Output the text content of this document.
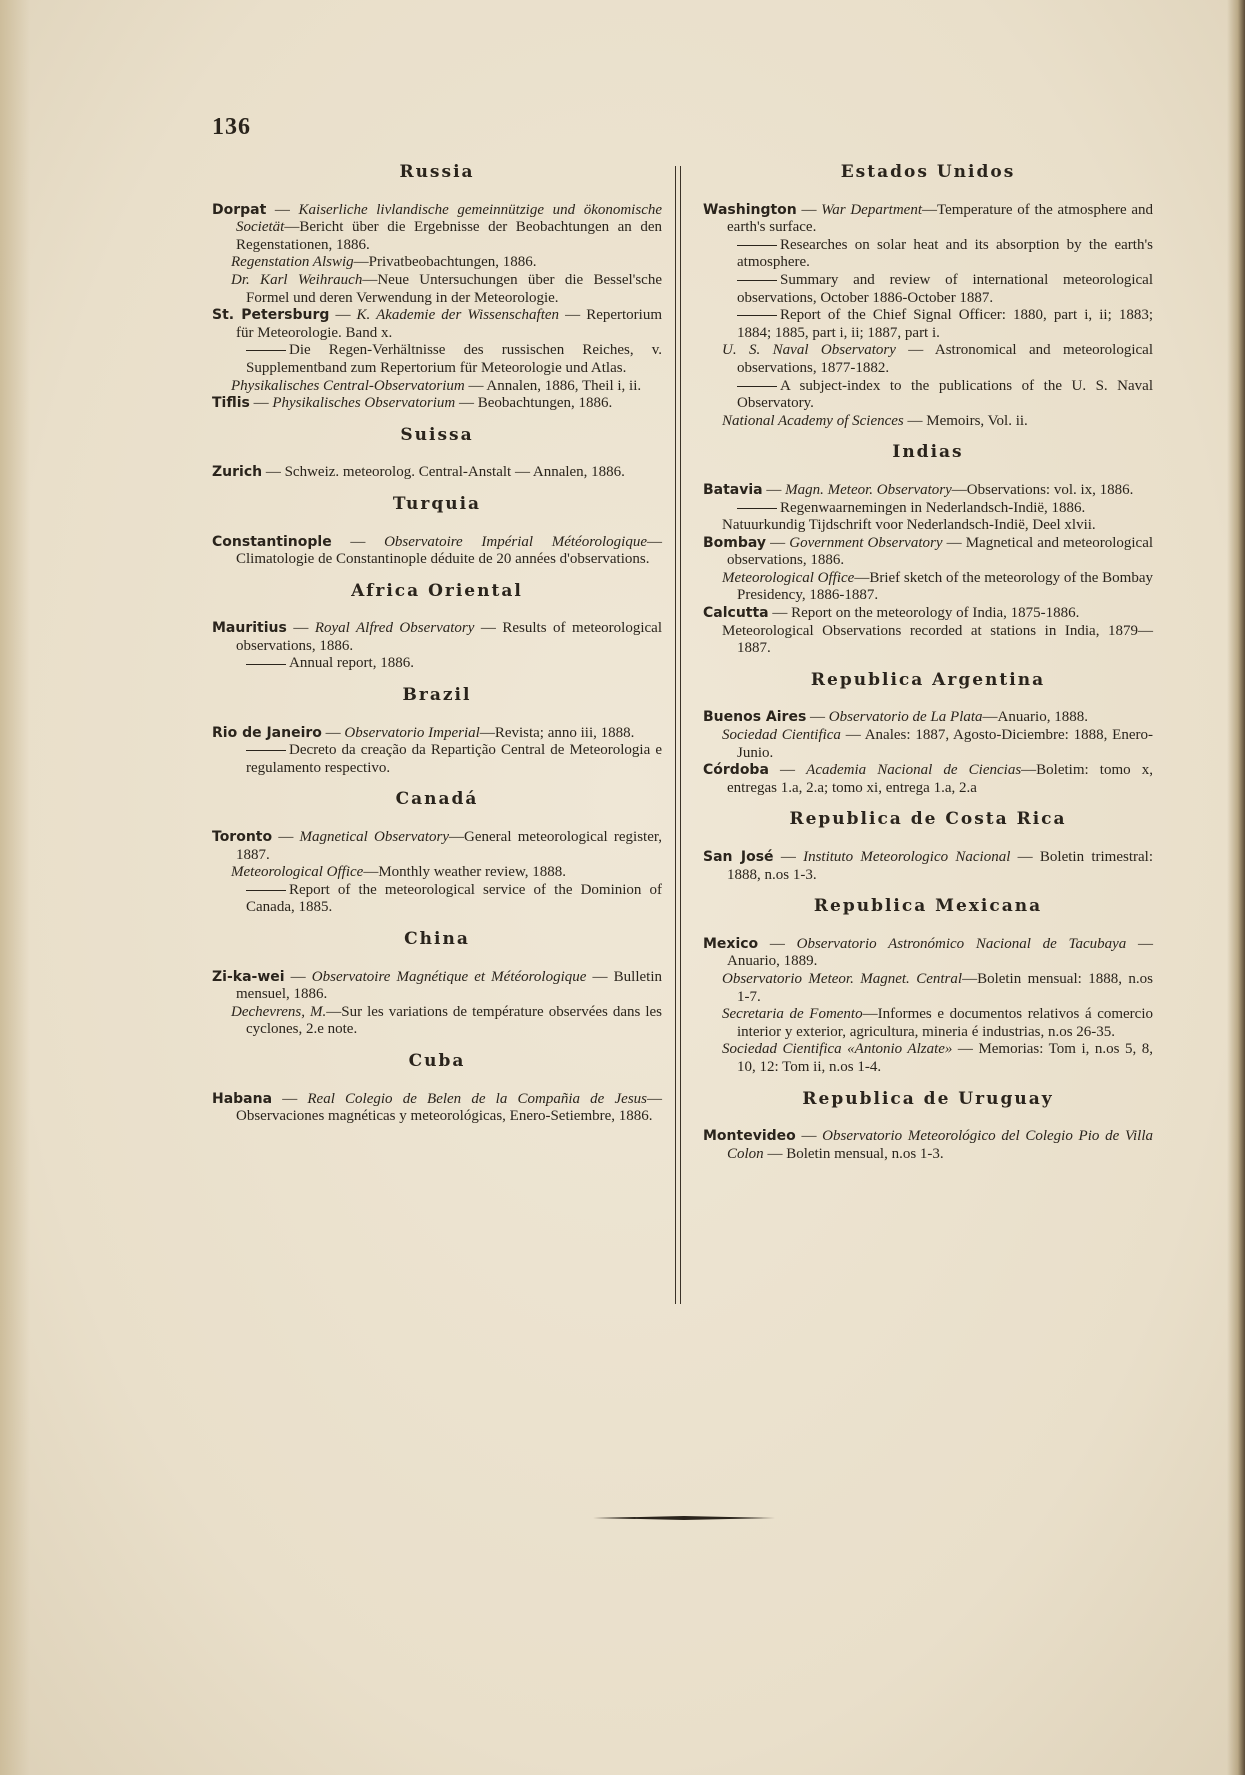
136
Russia

Dorpat — Kaiserliche livlandische gemeinnützige und ökonomische Societät—Bericht über die Ergebnisse der Beobachtungen an den Regenstationen, 1886.

Regenstation Alswig—Privatbeobachtungen, 1886.

Dr. Karl Weihrauch—Neue Untersuchungen über die Bessel'sche Formel und deren Verwendung in der Meteorologie.

St. Petersburg — K. Akademie der Wissenschaften — Repertorium für Meteorologie. Band x.

Die Regen-Verhältnisse des russischen Reiches, v. Supplementband zum Repertorium für Meteorologie und Atlas.

Physikalisches Central-Observatorium — Annalen, 1886, Theil i, ii.

Tiflis — Physikalisches Observatorium — Beobachtungen, 1886.

Suissa

Zurich — Schweiz. meteorolog. Central-Anstalt — Annalen, 1886.

Turquia

Constantinople — Observatoire Impérial Météorologique— Climatologie de Constantinople déduite de 20 années d'observations.

Africa Oriental

Mauritius — Royal Alfred Observatory — Results of meteorological observations, 1886.

Annual report, 1886.

Brazil

Rio de Janeiro — Observatorio Imperial—Revista; anno iii, 1888.

Decreto da creação da Repartição Central de Meteorologia e regulamento respectivo.

Canadá

Toronto — Magnetical Observatory—General meteorological register, 1887.

Meteorological Office—Monthly weather review, 1888.

Report of the meteorological service of the Dominion of Canada, 1885.

China

Zi-ka-wei — Observatoire Magnétique et Météorologique — Bulletin mensuel, 1886.

Dechevrens, M.—Sur les variations de température observées dans les cyclones, 2.e note.

Cuba

Habana — Real Colegio de Belen de la Compañia de Jesus— Observaciones magnéticas y meteorológicas, Enero-Setiembre, 1886.

Estados Unidos

Washington — War Department—Temperature of the atmosphere and earth's surface.

Researches on solar heat and its absorption by the earth's atmosphere.

Summary and review of international meteorological observations, October 1886-October 1887.

Report of the Chief Signal Officer: 1880, part i, ii; 1883; 1884; 1885, part i, ii; 1887, part i.

U. S. Naval Observatory — Astronomical and meteorological observations, 1877-1882.

A subject-index to the publications of the U. S. Naval Observatory.

National Academy of Sciences — Memoirs, Vol. ii.

Indias

Batavia — Magn. Meteor. Observatory—Observations: vol. ix, 1886.

Regenwaarnemingen in Nederlandsch-Indië, 1886.

Natuurkundig Tijdschrift voor Nederlandsch-Indië, Deel xlvii.

Bombay — Government Observatory — Magnetical and meteorological observations, 1886.

Meteorological Office—Brief sketch of the meteorology of the Bombay Presidency, 1886-1887.

Calcutta — Report on the meteorology of India, 1875-1886.

Meteorological Observations recorded at stations in India, 1879—1887.

Republica Argentina

Buenos Aires — Observatorio de La Plata—Anuario, 1888.

Sociedad Cientifica — Anales: 1887, Agosto-Diciembre: 1888, Enero-Junio.

Córdoba — Academia Nacional de Ciencias—Boletim: tomo x, entregas 1.a, 2.a; tomo xi, entrega 1.a, 2.a

Republica de Costa Rica

San José — Instituto Meteorologico Nacional — Boletin trimestral: 1888, n.os 1-3.

Republica Mexicana

Mexico — Observatorio Astronómico Nacional de Tacubaya — Anuario, 1889.

Observatorio Meteor. Magnet. Central—Boletin mensual: 1888, n.os 1-7.

Secretaria de Fomento—Informes e documentos relativos á comercio interior y exterior, agricultura, mineria é industrias, n.os 26-35.

Sociedad Cientifica «Antonio Alzate» — Memorias: Tom i, n.os 5, 8, 10, 12: Tom ii, n.os 1-4.

Republica de Uruguay

Montevideo — Observatorio Meteorológico del Colegio Pio de Villa Colon — Boletin mensual, n.os 1-3.
